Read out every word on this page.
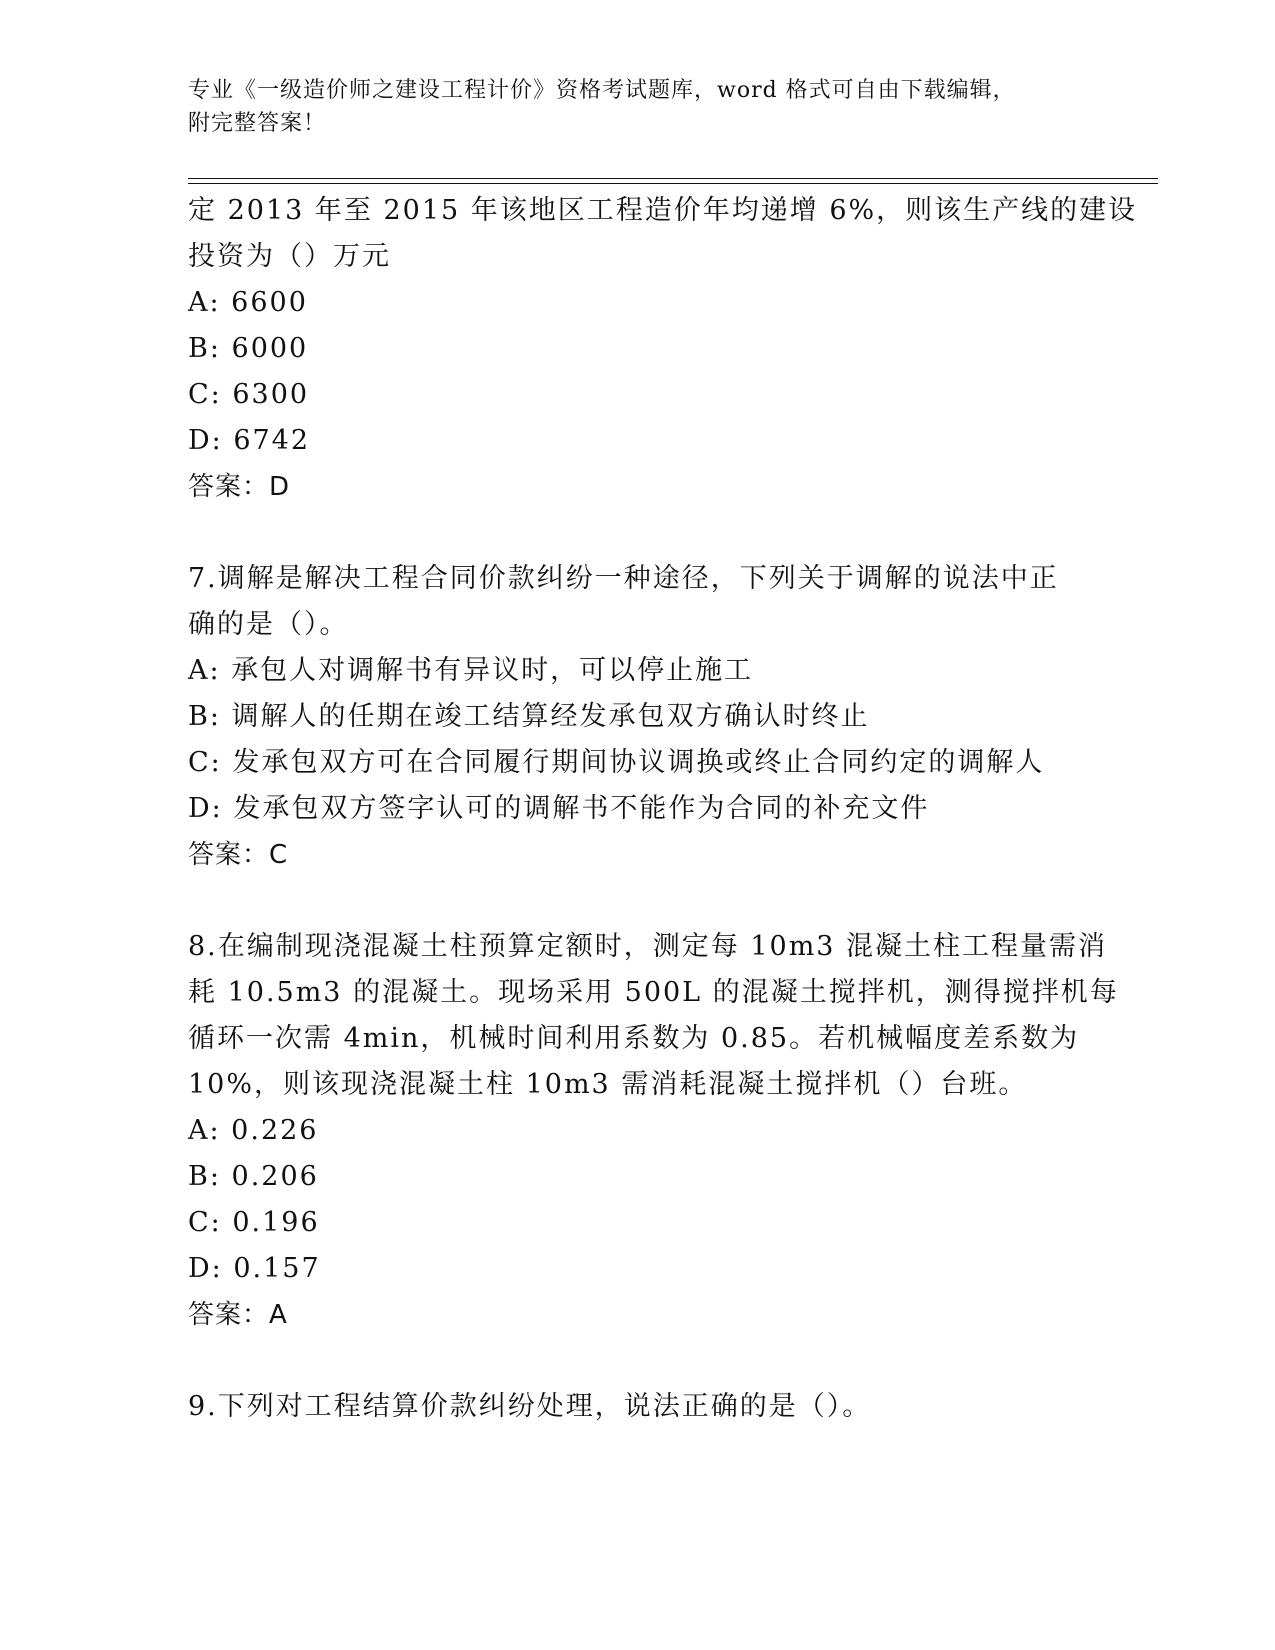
专业《一级造价师之建设工程计价》资格考试题库，word 格式可自由下载编辑，
附完整答案！
定 2013 年至 2015 年该地区工程造价年均递增 6%，则该生产线的建设
投资为（）万元
A: 6600
B: 6000
C: 6300
D: 6742
答案：D
7.调解是解决工程合同价款纠纷一种途径，下列关于调解的说法中正
确的是（）。
A: 承包人对调解书有异议时，可以停止施工
B: 调解人的任期在竣工结算经发承包双方确认时终止
C: 发承包双方可在合同履行期间协议调换或终止合同约定的调解人
D: 发承包双方签字认可的调解书不能作为合同的补充文件
答案：C
8.在编制现浇混凝土柱预算定额时，测定每 10m3 混凝土柱工程量需消
耗 10.5m3 的混凝土。现场采用 500L 的混凝土搅拌机，测得搅拌机每
循环一次需 4min，机械时间利用系数为 0.85。若机械幅度差系数为
10%，则该现浇混凝土柱 10m3 需消耗混凝土搅拌机（）台班。
A: 0.226
B: 0.206
C: 0.196
D: 0.157
答案：A
9.下列对工程结算价款纠纷处理，说法正确的是（）。
